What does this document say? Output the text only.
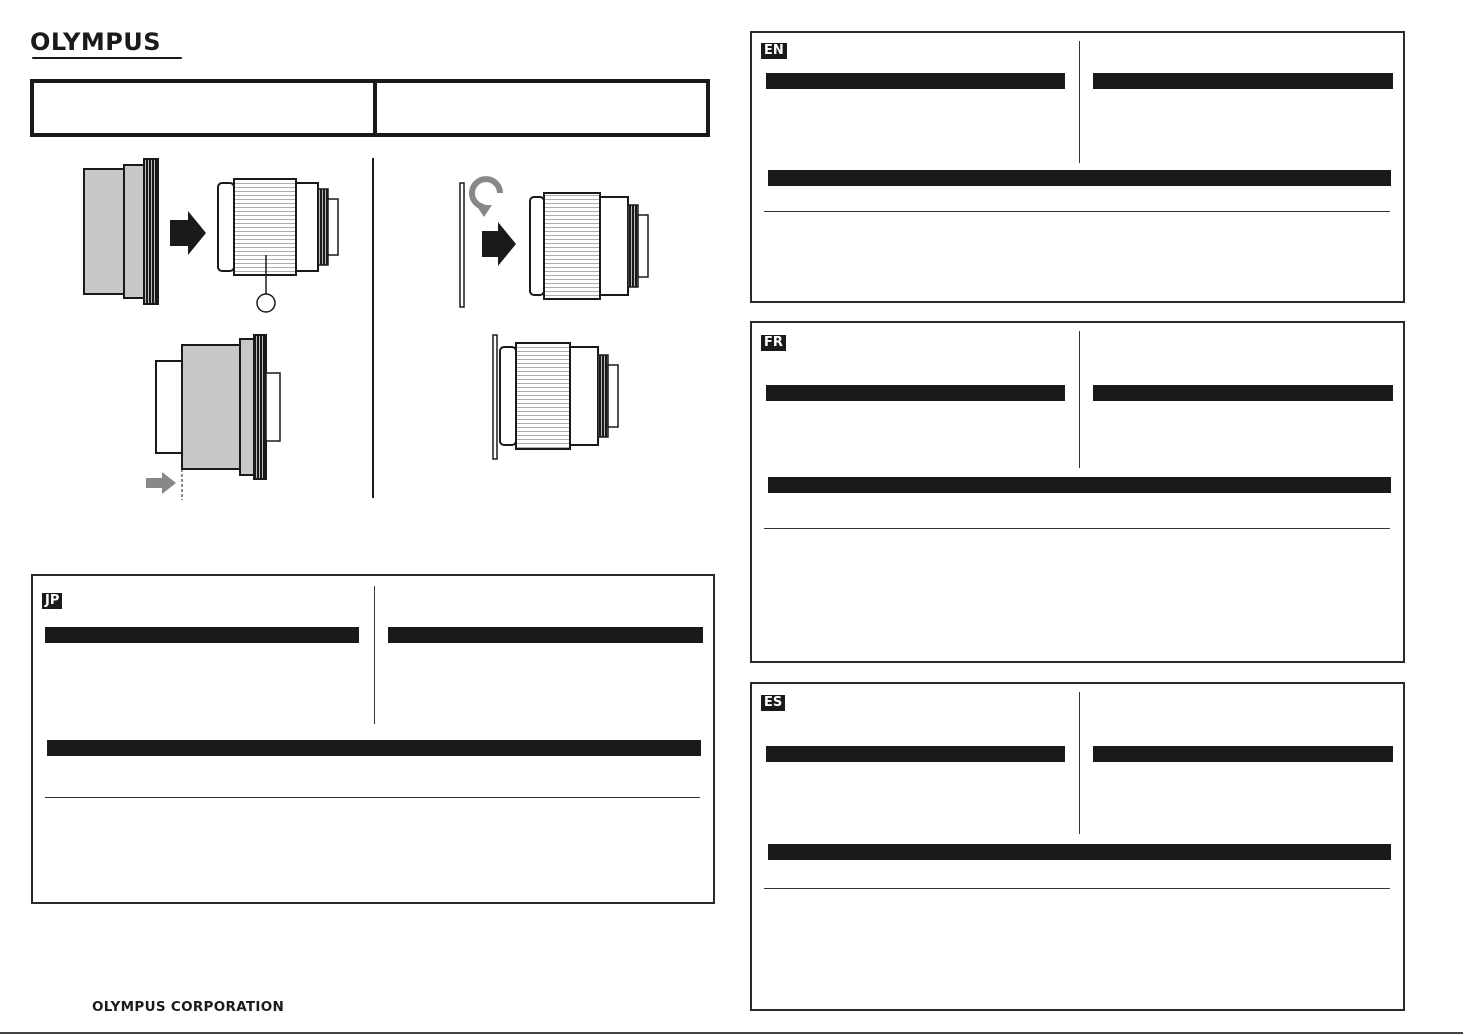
OLYMPUS
JP
EN
FR
ES
OLYMPUS CORPORATION
